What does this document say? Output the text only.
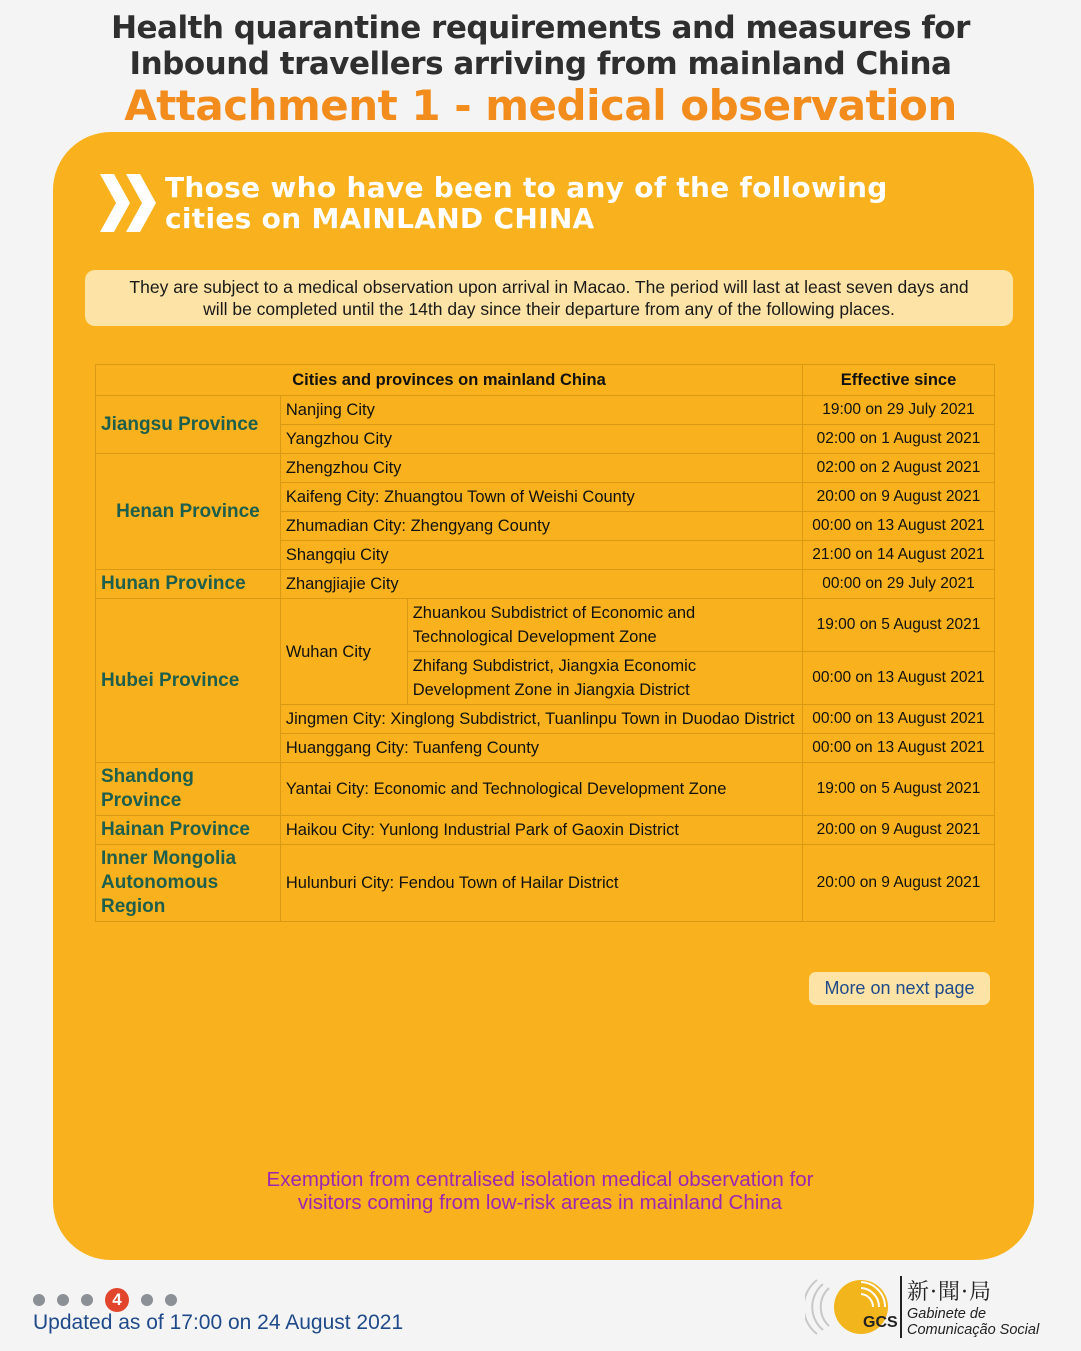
Health quarantine requirements and measures for
Inbound travellers arriving from mainland China
Attachment 1 - medical observation
Those who have been to any of the following
cities on MAINLAND CHINA
They are subject to a medical observation upon arrival in Macao. The period will last at least seven days and
will be completed until the 14th day since their departure from any of the following places.
Cities and provinces on mainland China			Effective since
Jiangsu Province	Nanjing City		19:00 on 29 July 2021
	Yangzhou City		02:00 on 1 August 2021
Henan Province	Zhengzhou City		02:00 on 2 August 2021
	Kaifeng City: Zhuangtou Town of Weishi County		20:00 on 9 August 2021
	Zhumadian City: Zhengyang County		00:00 on 13 August 2021
	Shangqiu City		21:00 on 14 August 2021
Hunan Province	Zhangjiajie City		00:00 on 29 July 2021
Hubei Province	Wuhan City	Zhuankou Subdistrict of Economic and Technological Development Zone	19:00 on 5 August 2021
		Zhifang Subdistrict, Jiangxia Economic Development Zone in Jiangxia District	00:00 on 13 August 2021
	Jingmen City: Xinglong Subdistrict, Tuanlinpu Town in Duodao District		00:00 on 13 August 2021
	Huanggang City: Tuanfeng County		00:00 on 13 August 2021
Shandong Province	Yantai City: Economic and Technological Development Zone		19:00 on 5 August 2021
Hainan Province	Haikou City: Yunlong Industrial Park of Gaoxin District		20:00 on 9 August 2021
Inner Mongolia Autonomous Region	Hulunburi City: Fendou Town of Hailar District		20:00 on 9 August 2021
More on next page
Exemption from centralised isolation medical observation for
visitors coming from low-risk areas in mainland China
4
Updated as of 17:00 on 24 August 2021	GCS
新·聞·局
Gabinete de
Comunicação Social
